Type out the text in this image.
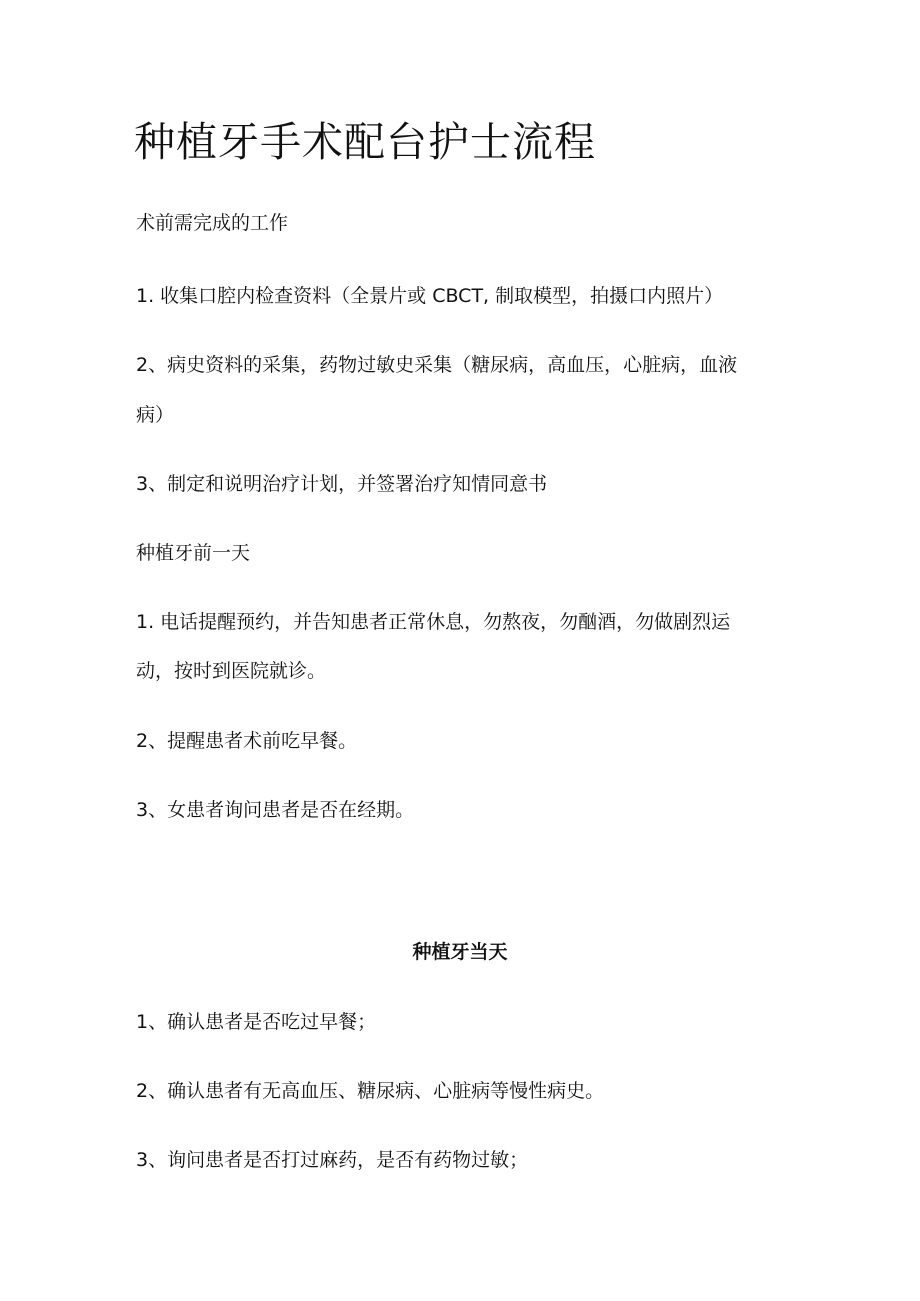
种植牙手术配台护士流程

术前需完成的工作

1. 收集口腔内检查资料（全景片或 CBCT, 制取模型，拍摄口内照片）

2、病史资料的采集，药物过敏史采集（糖尿病，高血压，心脏病，血液

病）

3、制定和说明治疗计划，并签署治疗知情同意书

种植牙前一天

1. 电话提醒预约，并告知患者正常休息，勿熬夜，勿酗酒，勿做剧烈运

动，按时到医院就诊。

2、提醒患者术前吃早餐。

3、女患者询问患者是否在经期。

种植牙当天

1、确认患者是否吃过早餐；

2、确认患者有无高血压、糖尿病、心脏病等慢性病史。

3、询问患者是否打过麻药，是否有药物过敏；
